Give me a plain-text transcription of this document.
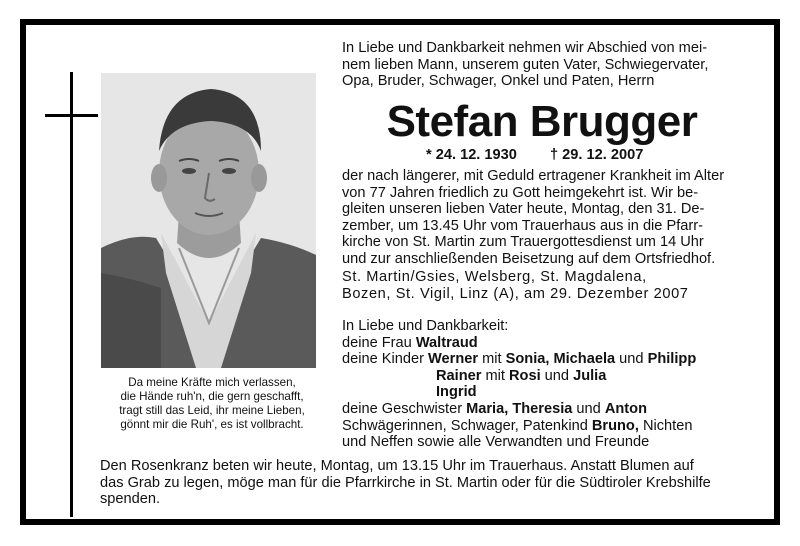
Da meine Kräfte mich verlassen,
die Hände ruh'n, die gern geschafft,
tragt still das Leid, ihr meine Lieben,
gönnt mir die Ruh', es ist vollbracht.
In Liebe und Dankbarkeit nehmen wir Abschied von mei-
nem lieben Mann, unserem guten Vater, Schwiegervater,
Opa, Bruder, Schwager, Onkel und Paten, Herrn
Stefan Brugger
* 24. 12. 1930 † 29. 12. 2007
der nach längerer, mit Geduld ertragener Krankheit im Alter
von 77 Jahren friedlich zu Gott heimgekehrt ist. Wir be-
gleiten unseren lieben Vater heute, Montag, den 31. De-
zember, um 13.45 Uhr vom Trauerhaus aus in die Pfarr-
kirche von St. Martin zum Trauergottesdienst um 14 Uhr
und zur anschließenden Beisetzung auf dem Ortsfriedhof.
St. Martin/Gsies, Welsberg, St. Magdalena,
Bozen, St. Vigil, Linz (A), am 29. Dezember 2007
In Liebe und Dankbarkeit:
deine Frau Waltraud
deine Kinder Werner mit Sonia, Michaela und Philipp
Rainer mit Rosi und Julia
Ingrid
deine Geschwister Maria, Theresia und Anton
Schwägerinnen, Schwager, Patenkind Bruno, Nichten
und Neffen sowie alle Verwandten und Freunde
Den Rosenkranz beten wir heute, Montag, um 13.15 Uhr im Trauerhaus. Anstatt Blumen auf
das Grab zu legen, möge man für die Pfarrkirche in St. Martin oder für die Südtiroler Krebshilfe
spenden.
